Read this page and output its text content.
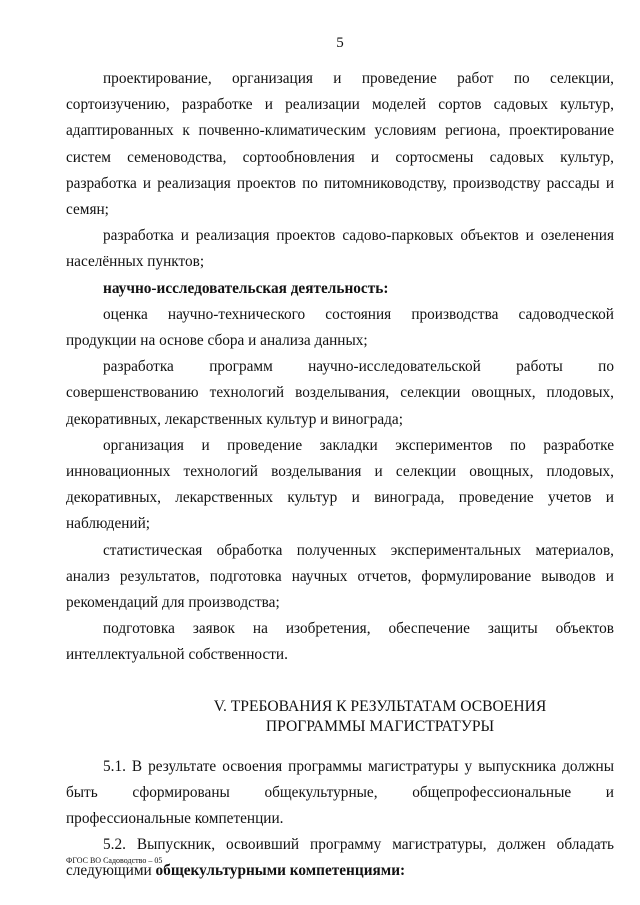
5

проектирование, организация и проведение работ по селекции, сортоизучению, разработке и реализации моделей сортов садовых культур, адаптированных к почвенно-климатическим условиям региона, проектирование систем семеноводства, сортообновления и сортосмены садовых культур, разработка и реализация проектов по питомниководству, производству рассады и семян;

разработка и реализация проектов садово-парковых объектов и озеленения населённых пунктов;

научно-исследовательская деятельность:

оценка научно-технического состояния производства садоводческой продукции на основе сбора и анализа данных;

разработка программ научно-исследовательской работы по совершенствованию технологий возделывания, селекции овощных, плодовых, декоративных, лекарственных культур и винограда;

организация и проведение закладки экспериментов по разработке инновационных технологий возделывания и селекции овощных, плодовых, декоративных, лекарственных культур и винограда, проведение учетов и наблюдений;

статистическая обработка полученных экспериментальных материалов, анализ результатов, подготовка научных отчетов, формулирование выводов и рекомендаций для производства;

подготовка заявок на изобретения, обеспечение защиты объектов интеллектуальной собственности.

V. ТРЕБОВАНИЯ К РЕЗУЛЬТАТАМ ОСВОЕНИЯ
ПРОГРАММЫ МАГИСТРАТУРЫ

5.1. В результате освоения программы магистратуры у выпускника должны быть сформированы общекультурные, общепрофессиональные и профессиональные компетенции.

5.2. Выпускник, освоивший программу магистратуры, должен обладать следующими общекультурными компетенциями:

ФГОС ВО Садоводство – 05
